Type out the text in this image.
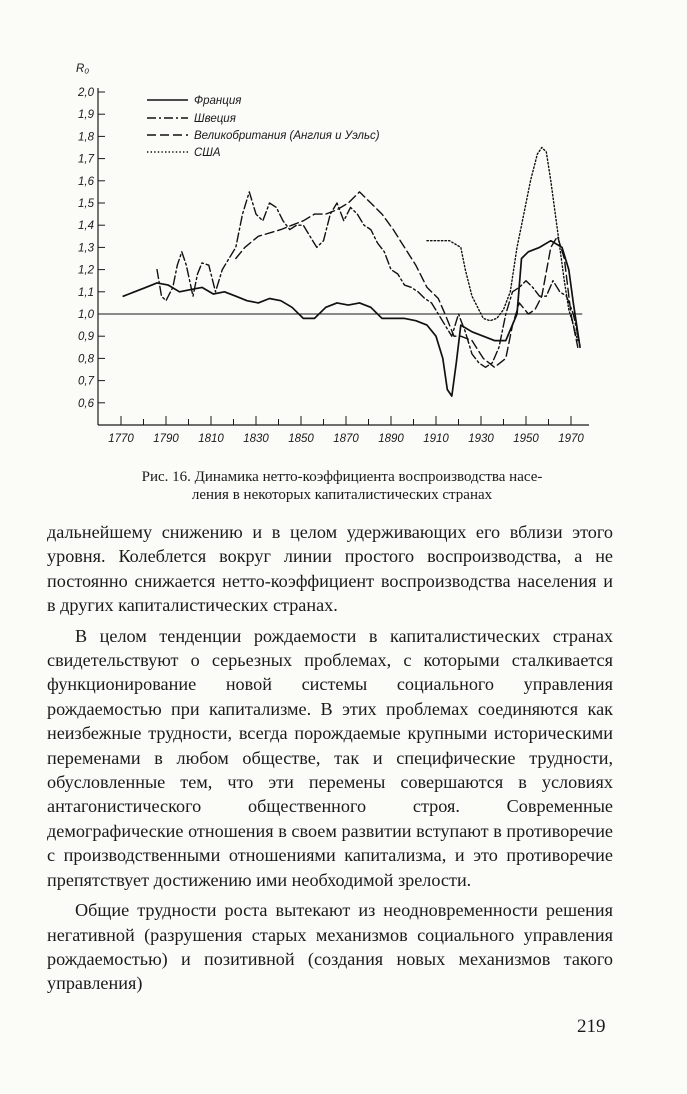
R₀
2,0
1,9
1,8
1,7
1,6
1,5
1,4
1,3
1,2
1,1
1,0
0,9
0,8
0,7
0,6
1770 1790 1810 1830 1850 1870 1890 1910 1930 1950 1970
Франция
Швеция
Великобритания (Англия и Уэльс)
США
Рис. 16. Динамика нетто-коэффициента воспроизводства насе-
ления в некоторых капиталистических странах

дальнейшему снижению и в целом удерживающих его вблизи этого уровня. Колеблется вокруг линии простого воспроизводства, а не постоянно снижается нетто-коэффициент воспроизводства населения и в других капиталистических странах.

В целом тенденции рождаемости в капиталистических странах свидетельствуют о серьезных проблемах, с которыми сталкивается функционирование новой системы социального управления рождаемостью при капитализме. В этих проблемах соединяются как неизбежные трудности, всегда порождаемые крупными историческими переменами в любом обществе, так и специфические трудности, обусловленные тем, что эти перемены совершаются в условиях антагонистического общественного строя. Современные демографические отношения в своем развитии вступают в противоречие с производственными отношениями капитализма, и это противоречие препятствует достижению ими необходимой зрелости.

Общие трудности роста вытекают из неодновременности решения негативной (разрушения старых механизмов социального управления рождаемостью) и позитивной (создания новых механизмов такого управления)

219
